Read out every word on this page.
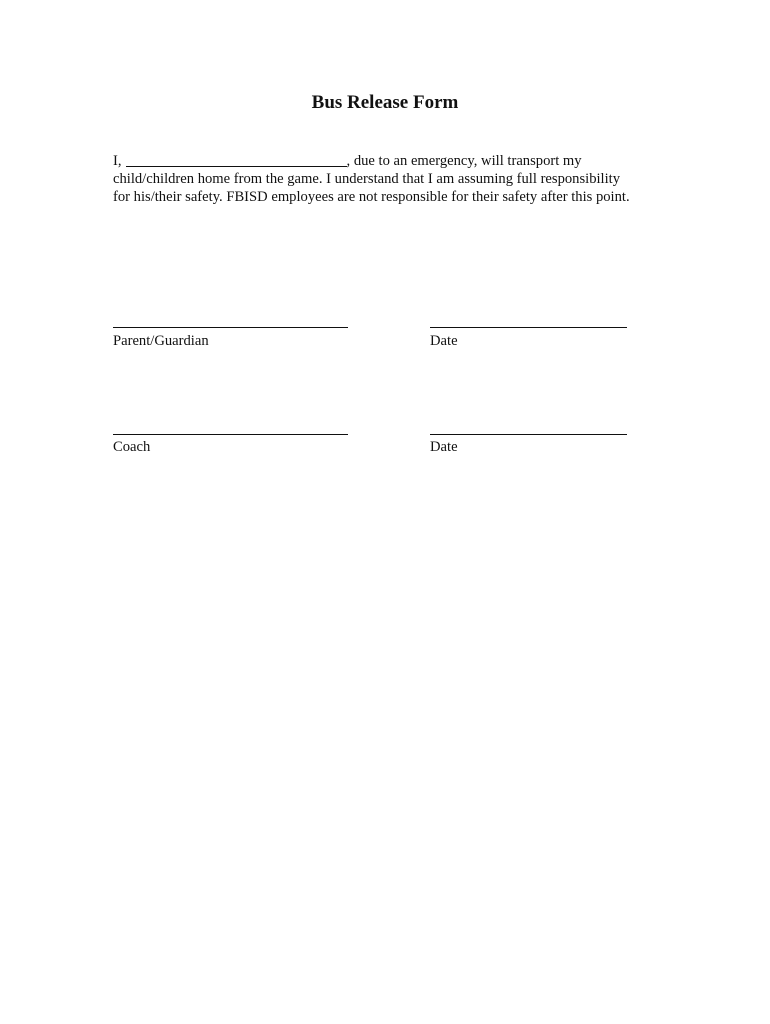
Bus Release Form
I,	, due to an emergency, will transport my
child/children home from the game. I understand that I am assuming full responsibility
for his/their safety. FBISD employees are not responsible for their safety after this point.
Parent/Guardian	Date
Coach	Date
